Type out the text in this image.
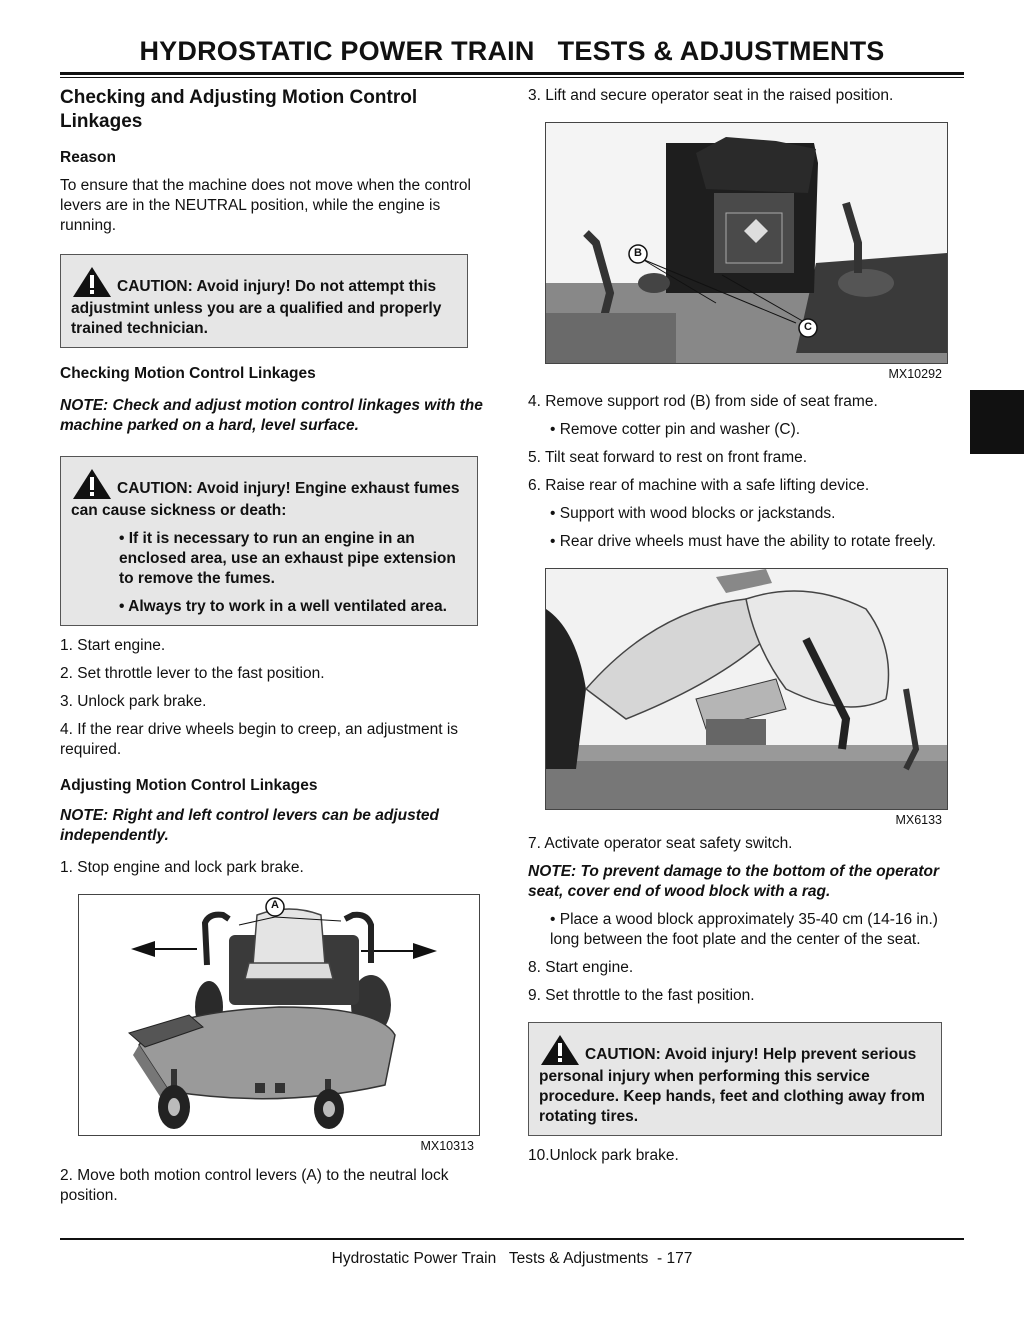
HYDROSTATIC POWER TRAIN   TESTS & ADJUSTMENTS
Checking and Adjusting Motion Control Linkages
Reason

To ensure that the machine does not move when the control levers are in the NEUTRAL position, while the engine is running.

CAUTION: Avoid injury! Do not attempt this adjustmint unless you are a qualified and properly trained technician.
Checking Motion Control Linkages

NOTE: Check and adjust motion control linkages with the machine parked on a hard, level surface.

CAUTION: Avoid injury! Engine exhaust fumes can cause sickness or death:
• If it is necessary to run an engine in an enclosed area, use an exhaust pipe extension to remove the fumes.
• Always try to work in a well ventilated area.
1. Start engine.
2. Set throttle lever to the fast position.
3. Unlock park brake.
4. If the rear drive wheels begin to creep, an adjustment is required.
Adjusting Motion Control Linkages

NOTE: Right and left control levers can be adjusted independently.

1. Stop engine and lock park brake.
A
MX10313
2. Move both motion control levers (A) to the neutral lock position.
3. Lift and secure operator seat in the raised position.
B
C
MX10292
4. Remove support rod (B) from side of seat frame.
• Remove cotter pin and washer (C).
5. Tilt seat forward to rest on front frame.
6. Raise rear of machine with a safe lifting device.
• Support with wood blocks or jackstands.
• Rear drive wheels must have the ability to rotate freely.
MX6133
7. Activate operator seat safety switch.

NOTE: To prevent damage to the bottom of the operator seat, cover end of wood block with a rag.

• Place a wood block approximately 35-40 cm (14-16 in.) long between the foot plate and the center of the seat.
8. Start engine.
9. Set throttle to the fast position.
CAUTION: Avoid injury! Help prevent serious personal injury when performing this service procedure. Keep hands, feet and clothing away from rotating tires.
10.Unlock park brake.
Hydrostatic Power Train   Tests & Adjustments  - 177
